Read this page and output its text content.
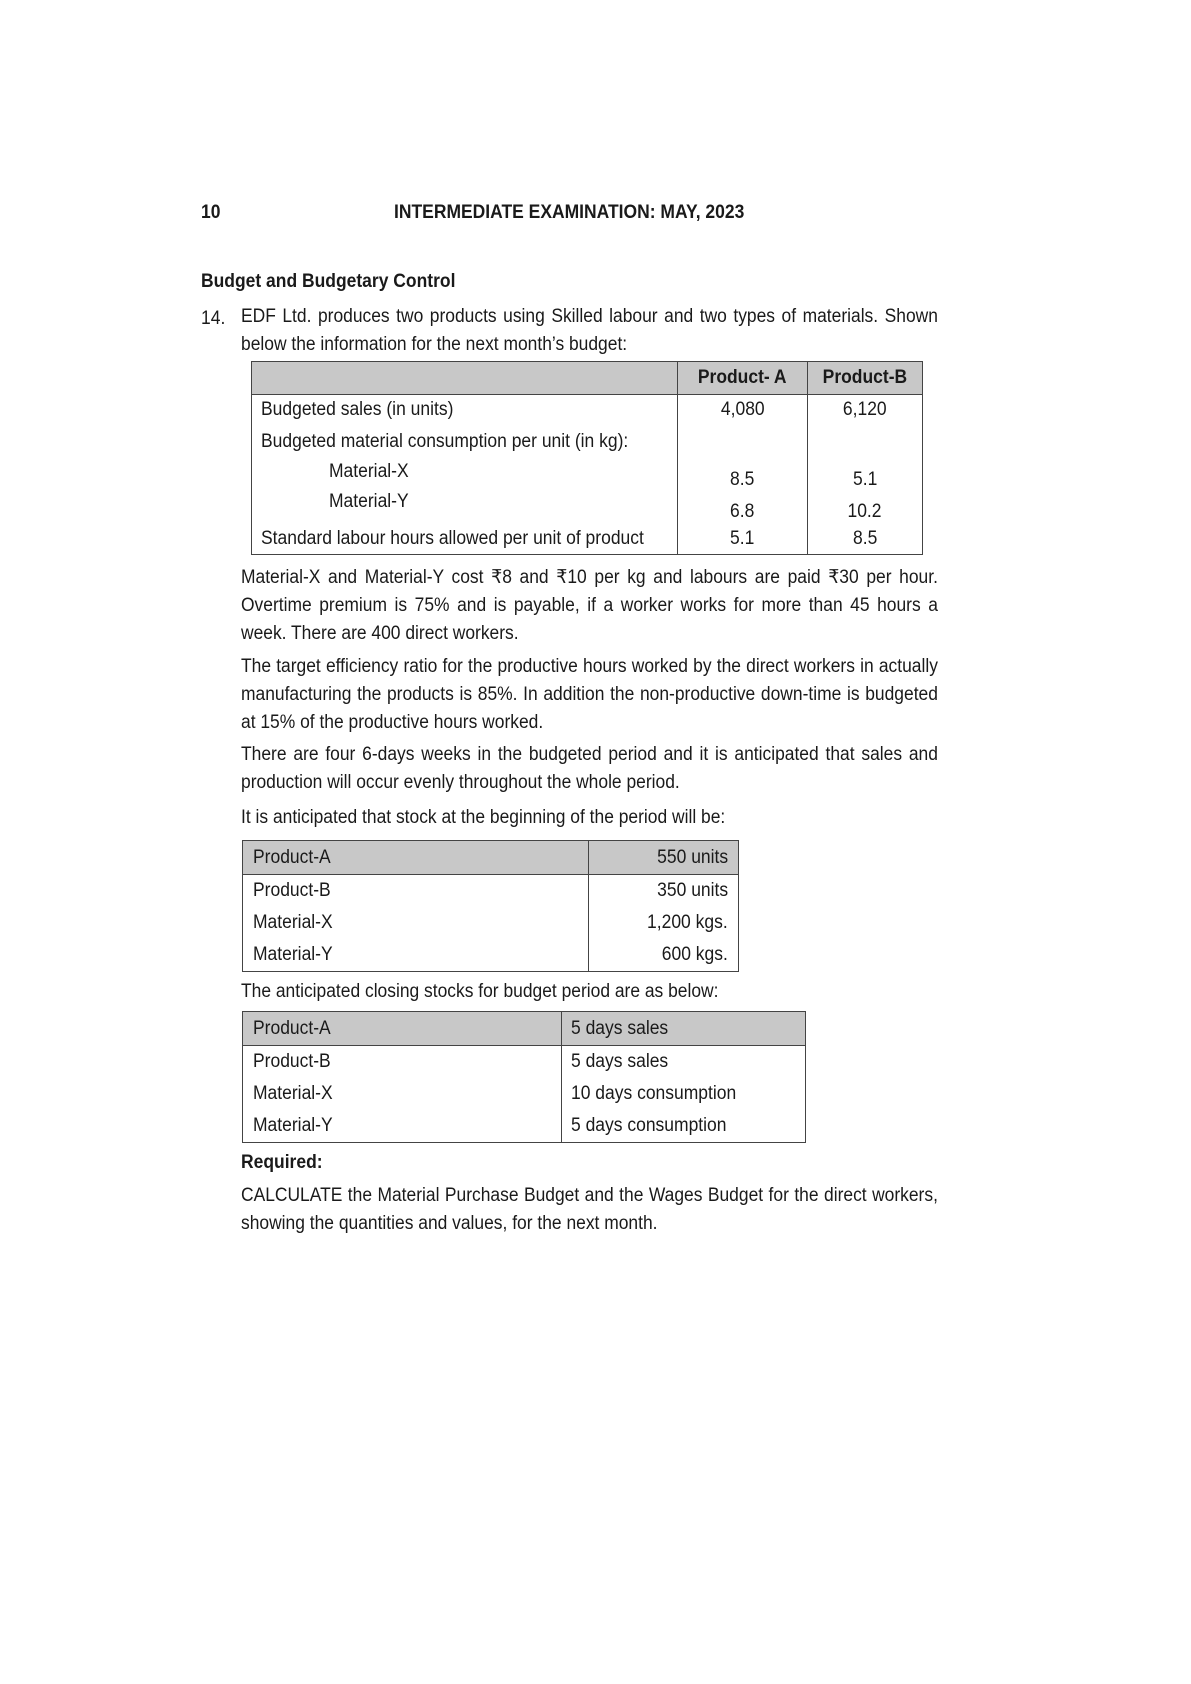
10	INTERMEDIATE EXAMINATION: MAY, 2023
Budget and Budgetary Control
14. EDF Ltd. produces two products using Skilled labour and two types of materials. Shown below the information for the next month’s budget:
	Product- A	Product-B
Budgeted sales (in units)	4,080	6,120
Budgeted material consumption per unit (in kg):		
Material-X	8.5	5.1
Material-Y	6.8	10.2
Standard labour hours allowed per unit of product	5.1	8.5
Material-X and Material-Y cost ₹8 and ₹10 per kg and labours are paid ₹30 per hour. Overtime premium is 75% and is payable, if a worker works for more than 45 hours a week. There are 400 direct workers.
The target efficiency ratio for the productive hours worked by the direct workers in actually manufacturing the products is 85%. In addition the non-productive down-time is budgeted at 15% of the productive hours worked.
There are four 6-days weeks in the budgeted period and it is anticipated that sales and production will occur evenly throughout the whole period.
It is anticipated that stock at the beginning of the period will be:
Product-A	550 units
Product-B	350 units
Material-X	1,200 kgs.
Material-Y	600 kgs.
The anticipated closing stocks for budget period are as below:
Product-A	5 days sales
Product-B	5 days sales
Material-X	10 days consumption
Material-Y	5 days consumption
Required:
CALCULATE the Material Purchase Budget and the Wages Budget for the direct workers, showing the quantities and values, for the next month.
